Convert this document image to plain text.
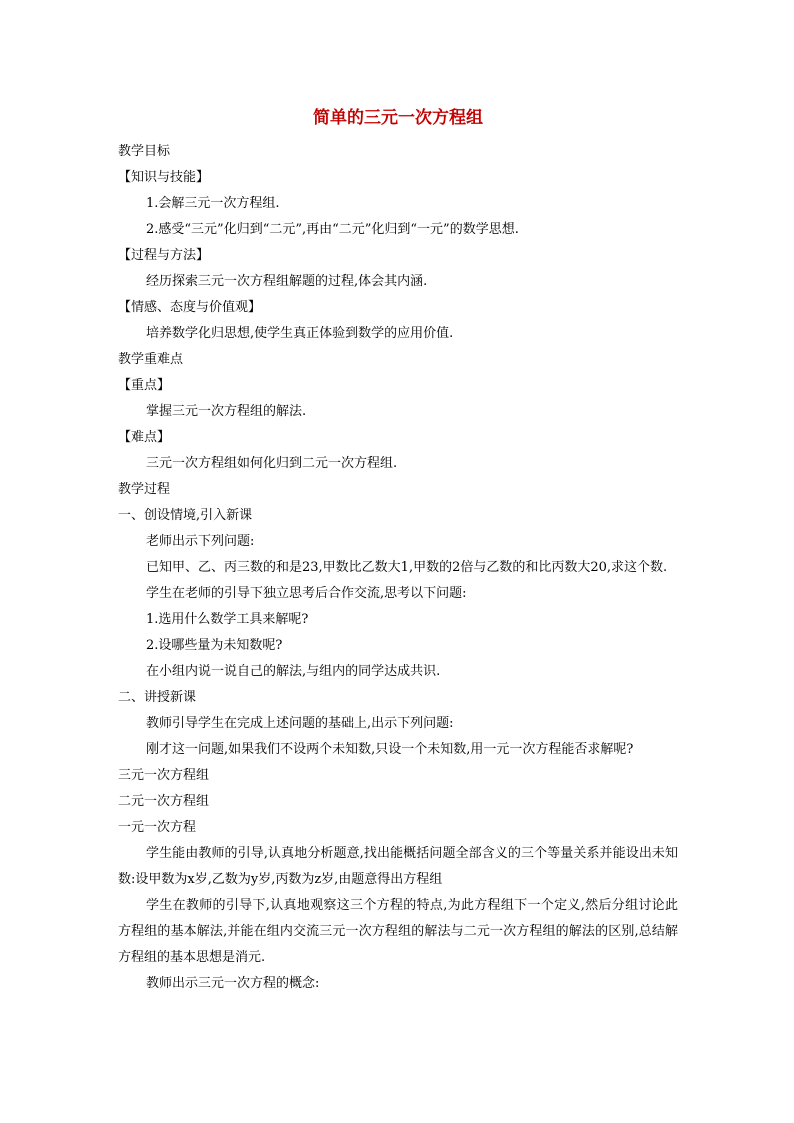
简单的三元一次方程组
教学目标
【知识与技能】
1.会解三元一次方程组.
2.感受“三元”化归到“二元”,再由“二元”化归到“一元”的数学思想.
【过程与方法】
经历探索三元一次方程组解题的过程,体会其内涵.
【情感、态度与价值观】
培养数学化归思想,使学生真正体验到数学的应用价值.
教学重难点
【重点】
掌握三元一次方程组的解法.
【难点】
三元一次方程组如何化归到二元一次方程组.
教学过程
一、创设情境,引入新课
老师出示下列问题:
已知甲、乙、丙三数的和是23,甲数比乙数大1,甲数的2倍与乙数的和比丙数大20,求这个数.
学生在老师的引导下独立思考后合作交流,思考以下问题:
1.选用什么数学工具来解呢?
2.设哪些量为未知数呢?
在小组内说一说自己的解法,与组内的同学达成共识.
二、讲授新课
教师引导学生在完成上述问题的基础上,出示下列问题:
刚才这一问题,如果我们不设两个未知数,只设一个未知数,用一元一次方程能否求解呢?
三元一次方程组
二元一次方程组
一元一次方程
学生能由教师的引导,认真地分析题意,找出能概括问题全部含义的三个等量关系并能设出未知数:设甲数为x岁,乙数为y岁,丙数为z岁,由题意得出方程组
学生在教师的引导下,认真地观察这三个方程的特点,为此方程组下一个定义,然后分组讨论此方程组的基本解法,并能在组内交流三元一次方程组的解法与二元一次方程组的解法的区别,总结解方程组的基本思想是消元.
教师出示三元一次方程的概念:
